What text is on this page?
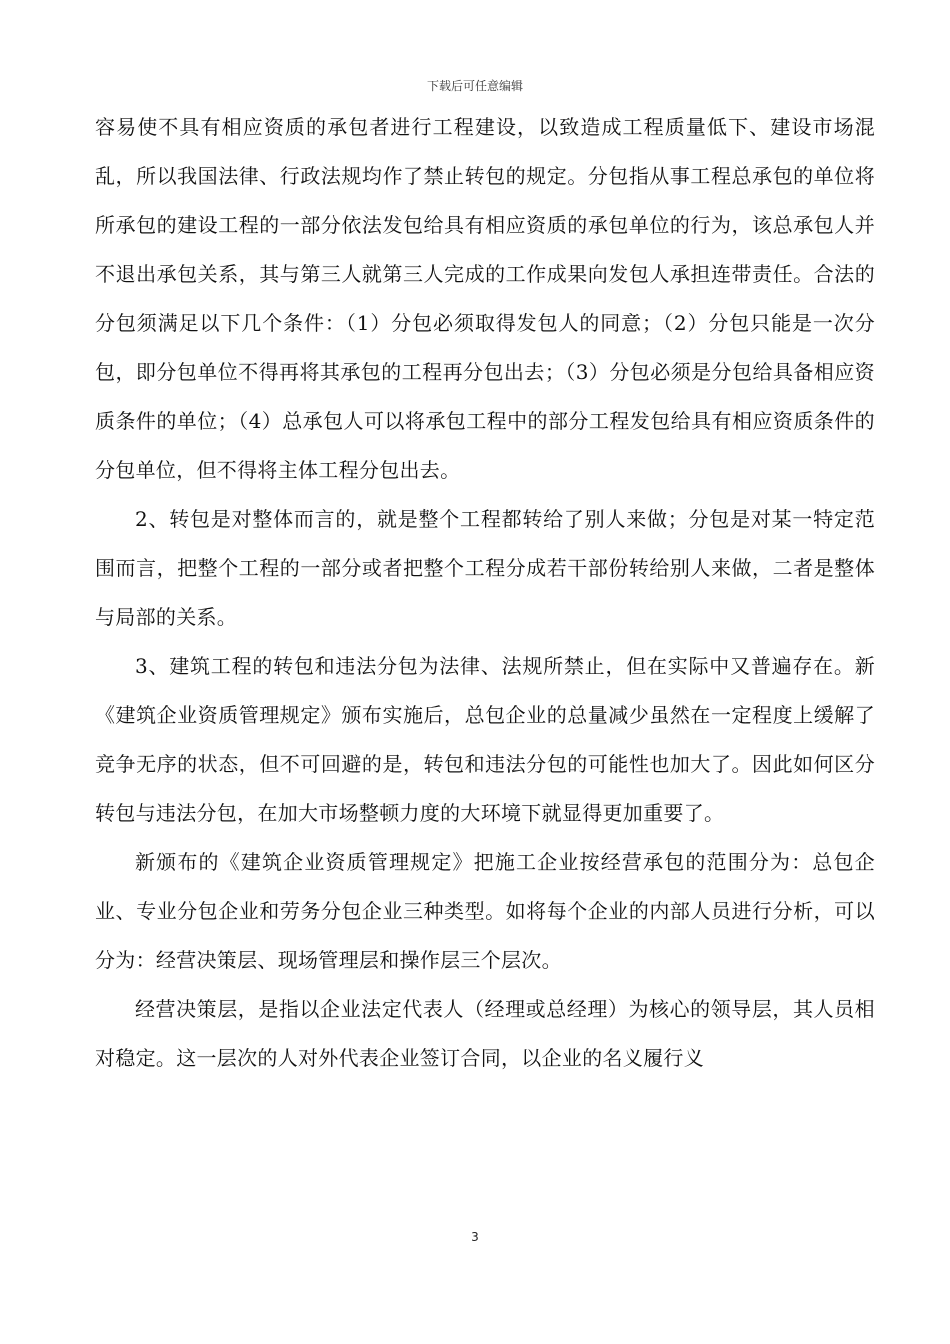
下载后可任意编辑

容易使不具有相应资质的承包者进行工程建设，以致造成工程质量低下、建设市场混乱，所以我国法律、行政法规均作了禁止转包的规定。分包指从事工程总承包的单位将所承包的建设工程的一部分依法发包给具有相应资质的承包单位的行为，该总承包人并不退出承包关系，其与第三人就第三人完成的工作成果向发包人承担连带责任。合法的分包须满足以下几个条件：（1）分包必须取得发包人的同意；（2）分包只能是一次分包，即分包单位不得再将其承包的工程再分包出去；（3）分包必须是分包给具备相应资质条件的单位；（4）总承包人可以将承包工程中的部分工程发包给具有相应资质条件的分包单位，但不得将主体工程分包出去。

2、转包是对整体而言的，就是整个工程都转给了别人来做；分包是对某一特定范围而言，把整个工程的一部分或者把整个工程分成若干部份转给别人来做，二者是整体与局部的关系。

3、建筑工程的转包和违法分包为法律、法规所禁止，但在实际中又普遍存在。新《建筑企业资质管理规定》颁布实施后，总包企业的总量减少虽然在一定程度上缓解了竞争无序的状态，但不可回避的是，转包和违法分包的可能性也加大了。因此如何区分转包与违法分包，在加大市场整顿力度的大环境下就显得更加重要了。

新颁布的《建筑企业资质管理规定》把施工企业按经营承包的范围分为：总包企业、专业分包企业和劳务分包企业三种类型。如将每个企业的内部人员进行分析，可以分为：经营决策层、现场管理层和操作层三个层次。

经营决策层，是指以企业法定代表人（经理或总经理）为核心的领导层，其人员相对稳定。这一层次的人对外代表企业签订合同，以企业的名义履行义

3
